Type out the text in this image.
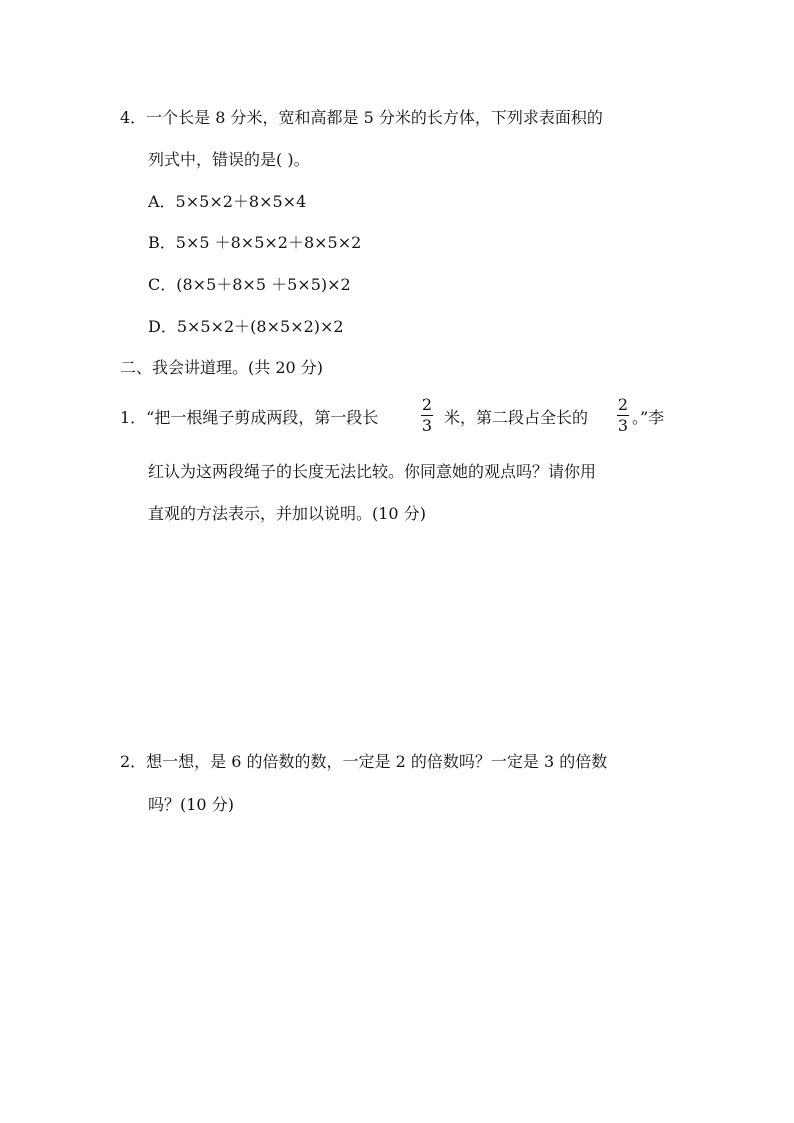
4．一个长是 8 分米，宽和高都是 5 分米的长方体，下列求表面积的
列式中，错误的是( )。
A．5×5×2＋8×5×4
B．5×5 ＋8×5×2＋8×5×2
C．(8×5＋8×5 ＋5×5)×2
D．5×5×2＋(8×5×2)×2
二、我会讲道理。(共 20 分)
1．“把一根绳子剪成两段，第一段长
2
3 米，第二段占全长的
2
3 。”李
红认为这两段绳子的长度无法比较。你同意她的观点吗？请你用
直观的方法表示，并加以说明。(10 分)
2．想一想，是 6 的倍数的数，一定是 2 的倍数吗？一定是 3 的倍数
吗？(10 分)
